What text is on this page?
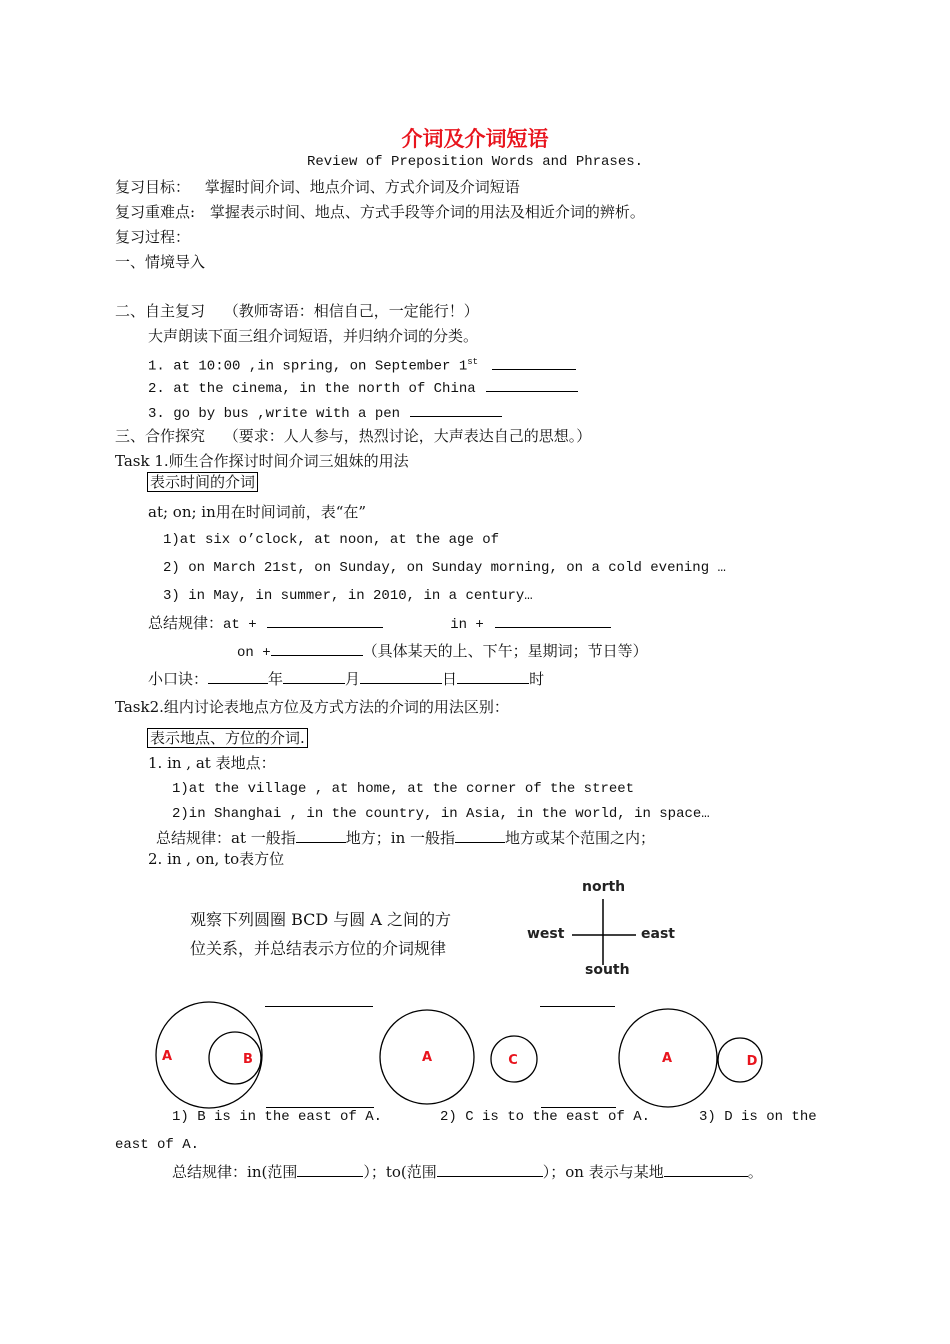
介词及介词短语
Review of Preposition Words and Phrases.
复习目标： 掌握时间介词、地点介词、方式介词及介词短语
复习重难点: 掌握表示时间、地点、方式手段等介词的用法及相近介词的辨析。
复习过程：
一、情境导入
二、自主复习 （教师寄语：相信自己，一定能行！）
大声朗读下面三组介词短语，并归纳介词的分类。
1. at 10:00 ,in spring, on September 1st
2. at the cinema, in the north of China
3. go by bus ,write with a pen
三、合作探究 （要求：人人参与，热烈讨论，大声表达自己的思想。）
Task 1.师生合作探讨时间介词三姐妹的用法
表示时间的介词
at; on; in用在时间词前，表“在”
1)at six o’clock, at noon, at the age of
2) on March 21st, on Sunday, on Sunday morning, on a cold evening …
3) in May, in summer, in 2010, in a century…
总结规律：at +	in +
on +	（具体某天的上、下午；星期词；节日等）
小口诀：	年	月	日	时
Task2.组内讨论表地点方位及方式方法的介词的用法区别：
表示地点、方位的介词.
1. in , at 表地点：
1)at the village , at home, at the corner of the street
2)in Shanghai , in the country, in Asia, in the world, in space…
总结规律：at 一般指	地方；in 一般指	地方或某个范围之内；
2. in , on, to表方位
观察下列圆圈 BCD 与圆 A 之间的方位关系，并总结表示方位的介词规律
north
south
west	east
A	B	A	C	A	D
1) B is in the east of A.	2) C is to the east of A.	3) D is on the
east of A.
总结规律：in(范围	）；to(范围	）；on 表示与某地	。
